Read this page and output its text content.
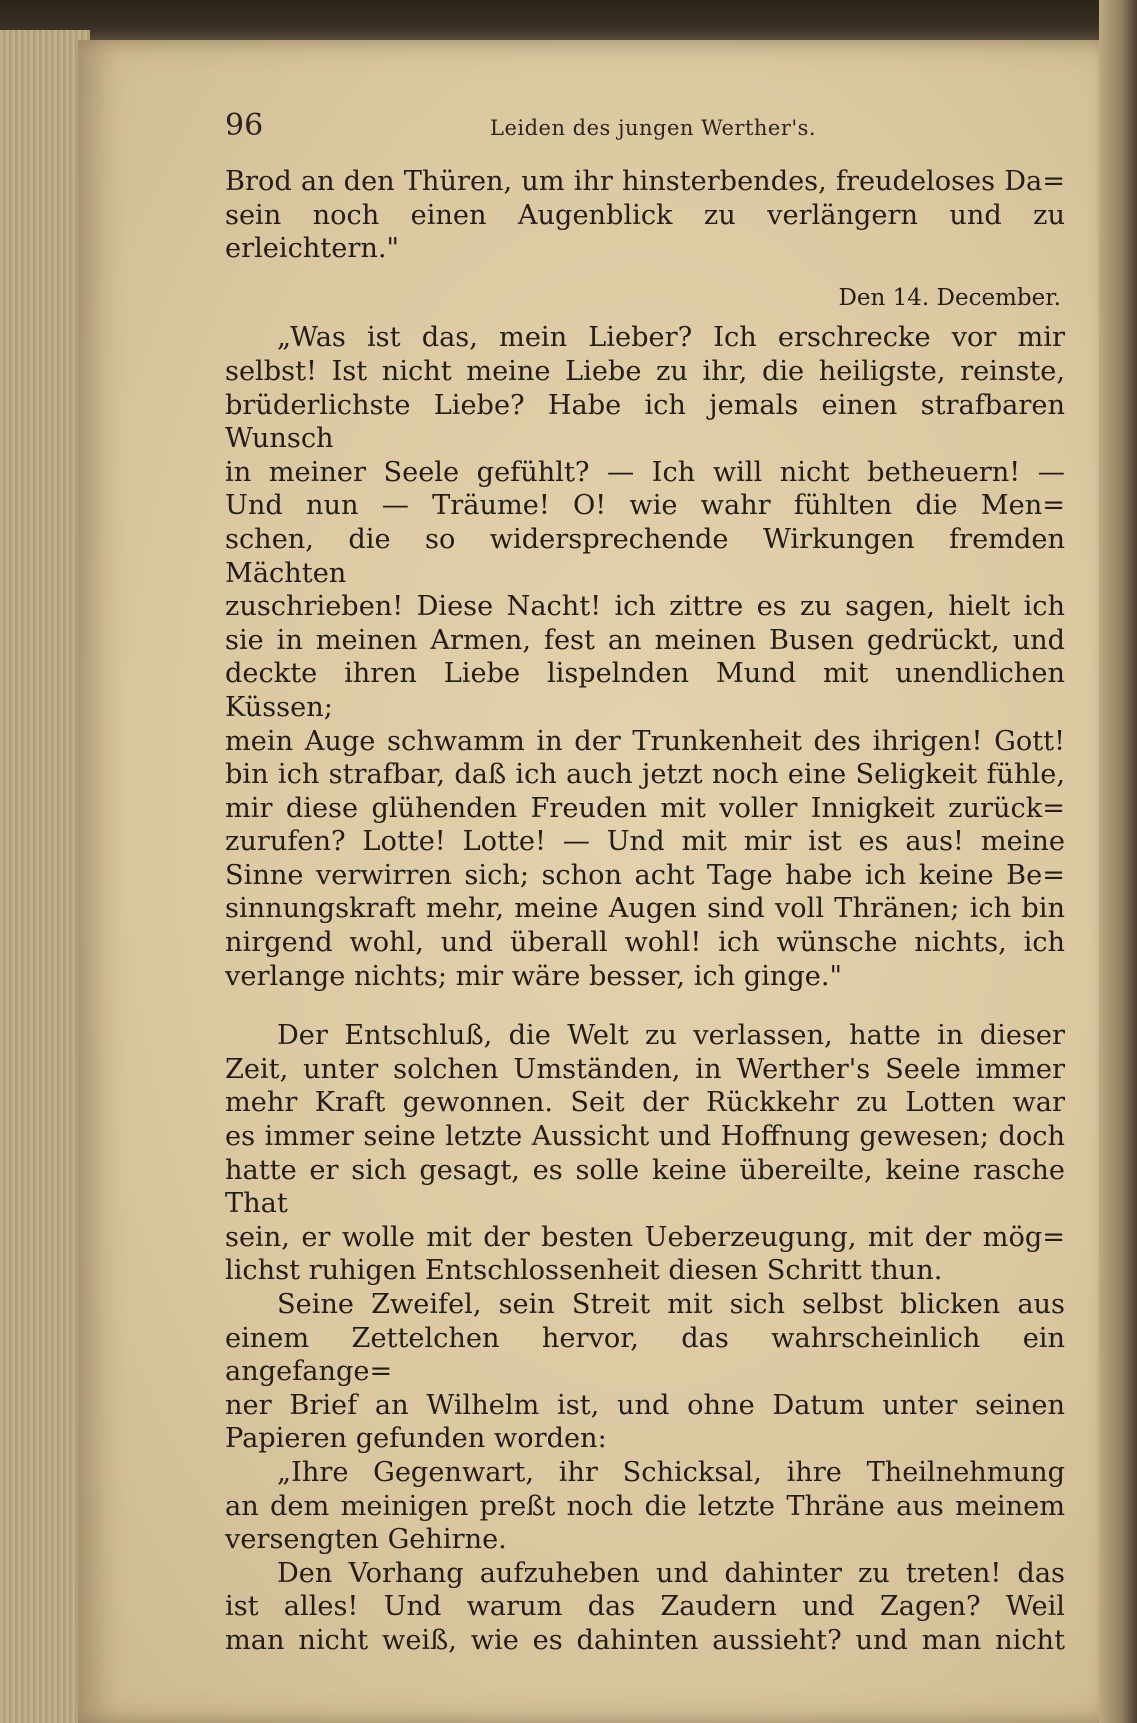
96	Leiden des jungen Werther's.

Brod an den Thüren, um ihr hinsterbendes, freudeloses Da=

sein noch einen Augenblick zu verlängern und zu erleichtern."

Den 14. December.

„Was ist das, mein Lieber? Ich erschrecke vor mir

selbst! Ist nicht meine Liebe zu ihr, die heiligste, reinste,

brüderlichste Liebe? Habe ich jemals einen strafbaren Wunsch

in meiner Seele gefühlt? — Ich will nicht betheuern! —

Und nun — Träume! O! wie wahr fühlten die Men=

schen, die so widersprechende Wirkungen fremden Mächten

zuschrieben! Diese Nacht! ich zittre es zu sagen, hielt ich

sie in meinen Armen, fest an meinen Busen gedrückt, und

deckte ihren Liebe lispelnden Mund mit unendlichen Küssen;

mein Auge schwamm in der Trunkenheit des ihrigen! Gott!

bin ich strafbar, daß ich auch jetzt noch eine Seligkeit fühle,

mir diese glühenden Freuden mit voller Innigkeit zurück=

zurufen? Lotte! Lotte! — Und mit mir ist es aus! meine

Sinne verwirren sich; schon acht Tage habe ich keine Be=

sinnungskraft mehr, meine Augen sind voll Thränen; ich bin

nirgend wohl, und überall wohl! ich wünsche nichts, ich

verlange nichts; mir wäre besser, ich ginge."

Der Entschluß, die Welt zu verlassen, hatte in dieser

Zeit, unter solchen Umständen, in Werther's Seele immer

mehr Kraft gewonnen. Seit der Rückkehr zu Lotten war

es immer seine letzte Aussicht und Hoffnung gewesen; doch

hatte er sich gesagt, es solle keine übereilte, keine rasche That

sein, er wolle mit der besten Ueberzeugung, mit der mög=

lichst ruhigen Entschlossenheit diesen Schritt thun.

Seine Zweifel, sein Streit mit sich selbst blicken aus

einem Zettelchen hervor, das wahrscheinlich ein angefange=

ner Brief an Wilhelm ist, und ohne Datum unter seinen

Papieren gefunden worden:

„Ihre Gegenwart, ihr Schicksal, ihre Theilnehmung

an dem meinigen preßt noch die letzte Thräne aus meinem

versengten Gehirne.

Den Vorhang aufzuheben und dahinter zu treten! das

ist alles! Und warum das Zaudern und Zagen? Weil

man nicht weiß, wie es dahinten aussieht? und man nicht
